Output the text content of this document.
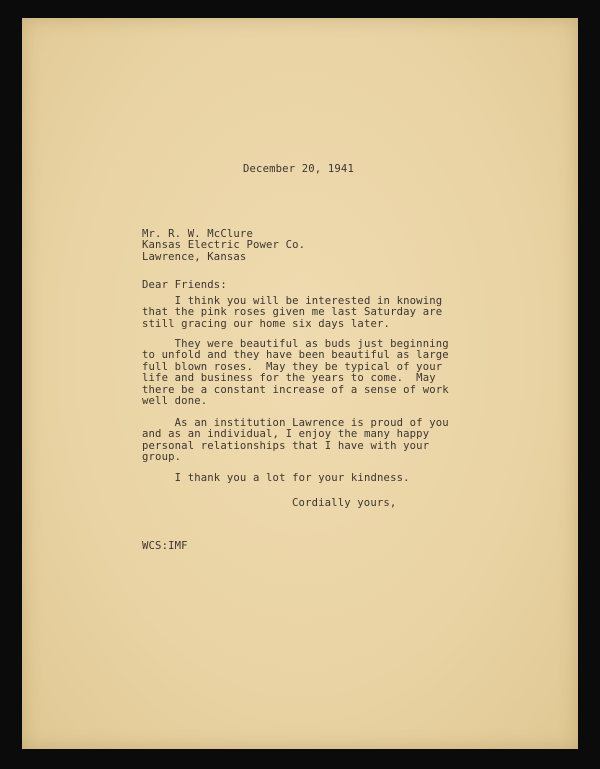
December 20, 1941

Mr. R. W. McClure
Kansas Electric Power Co.
Lawrence, Kansas

Dear Friends:

I think you will be interested in knowing
that the pink roses given me last Saturday are
still gracing our home six days later.

They were beautiful as buds just beginning
to unfold and they have been beautiful as large
full blown roses.  May they be typical of your
life and business for the years to come.  May
there be a constant increase of a sense of work
well done.

As an institution Lawrence is proud of you
and as an individual, I enjoy the many happy
personal relationships that I have with your
group.

I thank you a lot for your kindness.

Cordially yours,

WCS:IMF
